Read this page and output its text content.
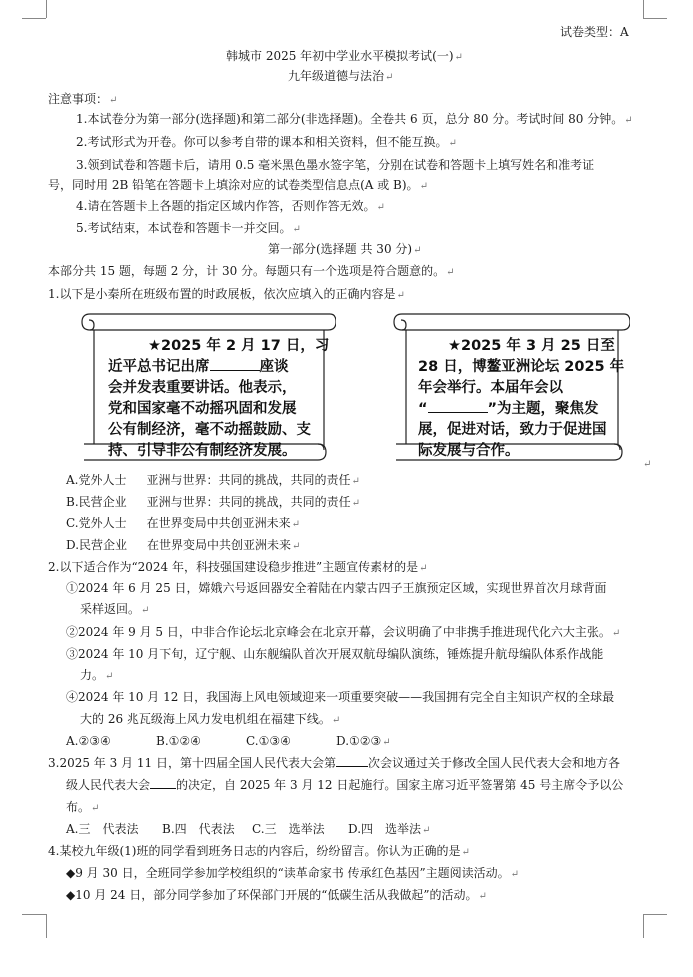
试卷类型：A
韩城市 2025 年初中学业水平模拟考试(一)↵
九年级道德与法治↵
注意事项：↵
1.本试卷分为第一部分(选择题)和第二部分(非选择题)。全卷共 6 页，总分 80 分。考试时间 80 分钟。↵
2.考试形式为开卷。你可以参考自带的课本和相关资料，但不能互换。↵
3.领到试卷和答题卡后，请用 0.5 毫米黑色墨水签字笔，分别在试卷和答题卡上填写姓名和准考证
号，同时用 2B 铅笔在答题卡上填涂对应的试卷类型信息点(A 或 B)。↵
4.请在答题卡上各题的指定区域内作答，否则作答无效。↵
5.考试结束，本试卷和答题卡一并交回。↵
第一部分(选择题 共 30 分)↵
本部分共 15 题，每题 2 分，计 30 分。每题只有一个选项是符合题意的。↵
1.以下是小秦所在班级布置的时政展板，依次应填入的正确内容是↵
★2025 年 2 月 17 日，习
近平总书记出席	座谈
会并发表重要讲话。他表示，
党和国家毫不动摇巩固和发展
公有制经济，毫不动摇鼓励、支
持、引导非公有制经济发展。
★2025 年 3 月 25 日至
28 日，博鳌亚洲论坛 2025 年
年会举行。本届年会以
“	”为主题，聚焦发
展，促进对话，致力于促进国
际发展与合作。
↵
A.党外人士 亚洲与世界：共同的挑战，共同的责任↵
B.民营企业 亚洲与世界：共同的挑战，共同的责任↵
C.党外人士 在世界变局中共创亚洲未来↵
D.民营企业 在世界变局中共创亚洲未来↵
2.以下适合作为“2024 年，科技强国建设稳步推进”主题宣传素材的是↵
①2024 年 6 月 25 日，嫦娥六号返回器安全着陆在内蒙古四子王旗预定区域，实现世界首次月球背面
采样返回。↵
②2024 年 9 月 5 日，中非合作论坛北京峰会在北京开幕，会议明确了中非携手推进现代化六大主张。↵
③2024 年 10 月下旬，辽宁舰、山东舰编队首次开展双航母编队演练，锤炼提升航母编队体系作战能
力。↵
④2024 年 10 月 12 日，我国海上风电领域迎来一项重要突破——我国拥有完全自主知识产权的全球最
大的 26 兆瓦级海上风力发电机组在福建下线。↵
A.②③④	B.①②④	C.①③④	D.①②③↵
3.2025 年 3 月 11 日，第十四届全国人民代表大会第	次会议通过关于修改全国人民代表大会和地方各
级人民代表大会 的决定，自 2025 年 3 月 12 日起施行。国家主席习近平签署第 45 号主席令予以公
布。↵
A.三　代表法 B.四　代表法 C.三　选举法 D.四　选举法↵
4.某校九年级(1)班的同学看到班务日志的内容后，纷纷留言。你认为正确的是↵
◆9 月 30 日，全班同学参加学校组织的“读革命家书 传承红色基因”主题阅读活动。↵
◆10 月 24 日，部分同学参加了环保部门开展的“低碳生活从我做起”的活动。↵
